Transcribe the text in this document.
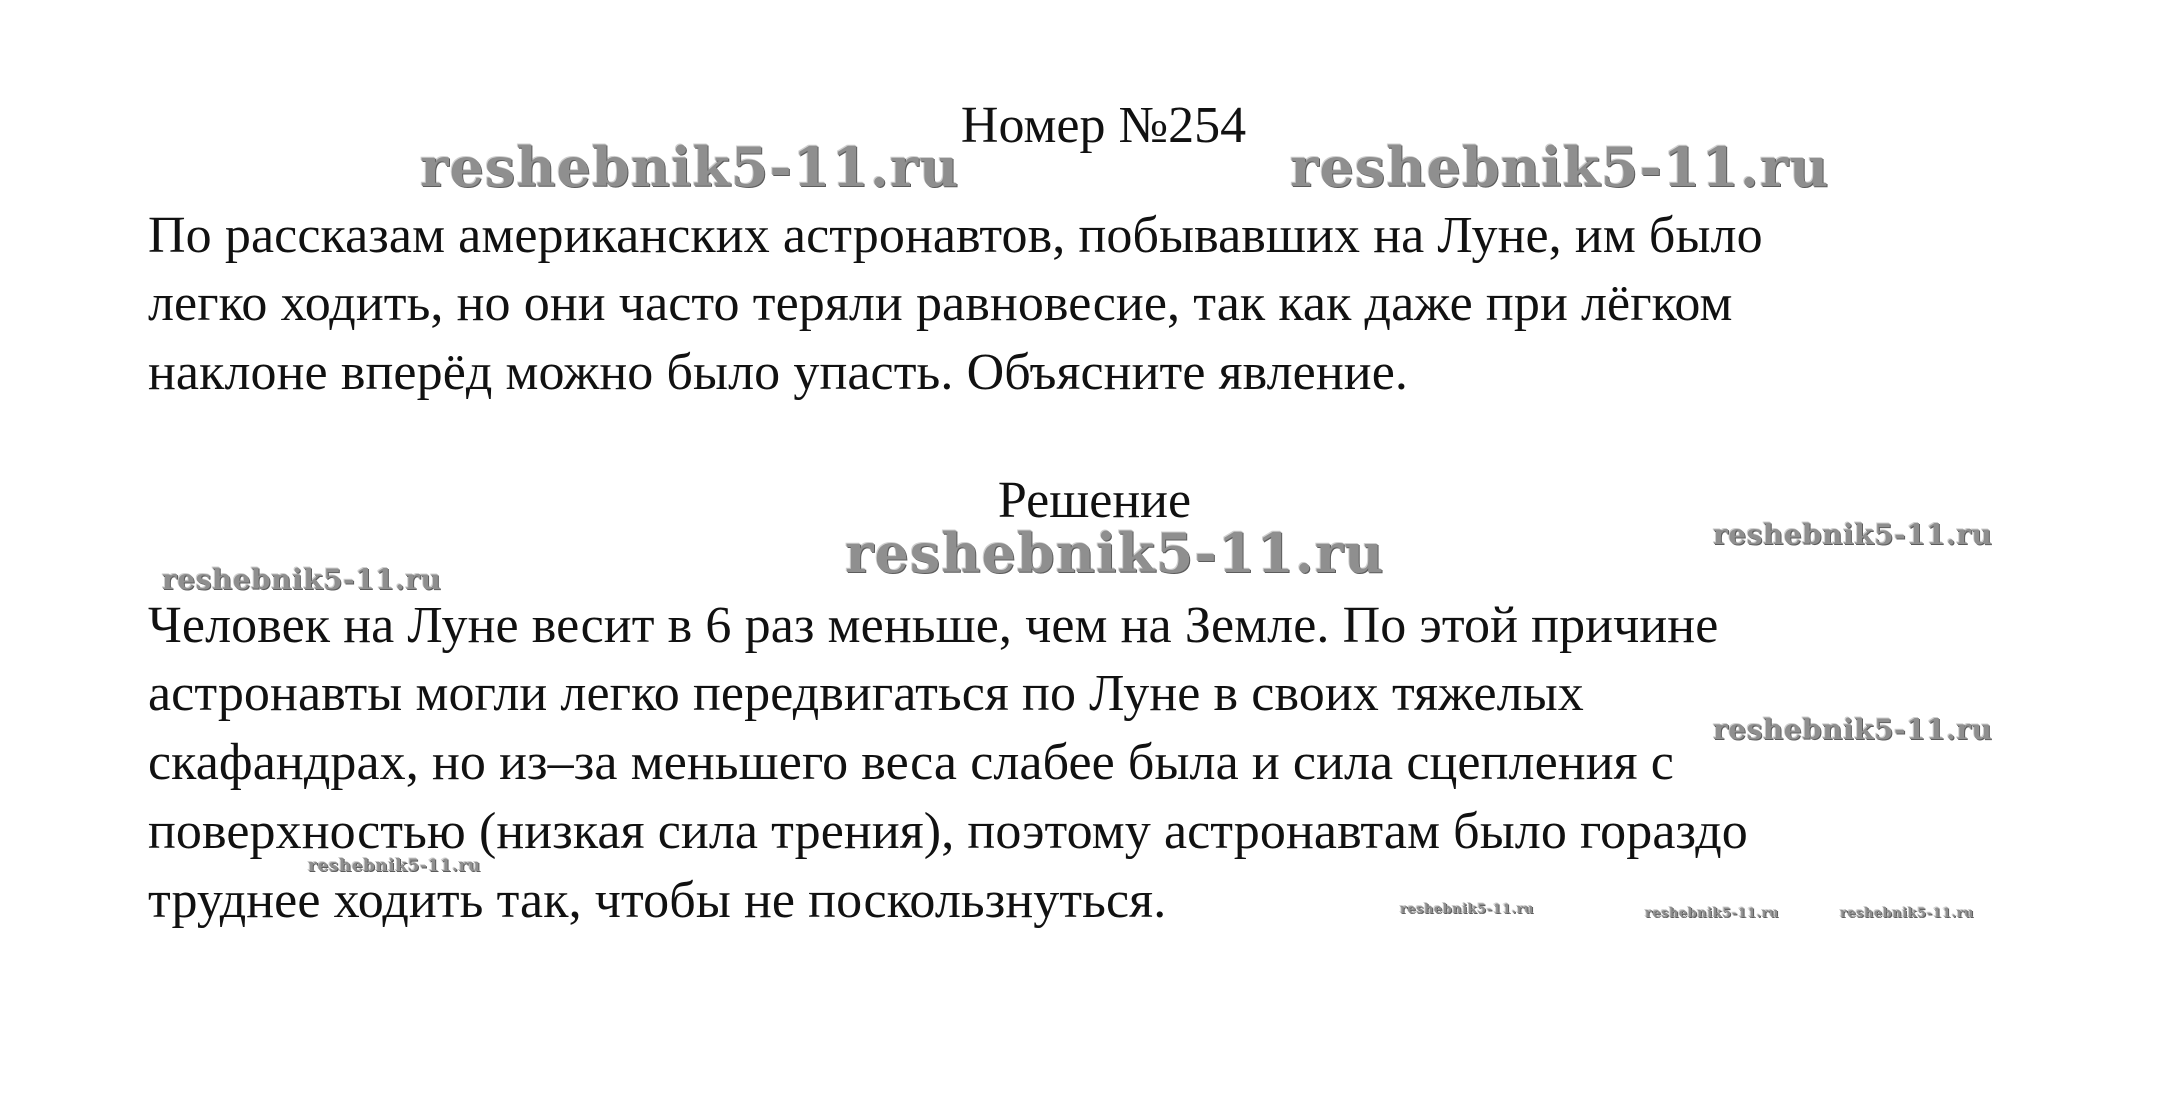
reshebnik5-11.ru	reshebnik5-11.ru
reshebnik5-11.ru	reshebnik5-11.ru
reshebnik5-11.ru
reshebnik5-11.ru
reshebnik5-11.ru
reshebnik5-11.ru	reshebnik5-11.ru	reshebnik5-11.ru
Номер №254
По рассказам американских астронавтов, побывавших на Луне, им было
легко ходить, но они часто теряли равновесие, так как даже при лёгком
наклоне вперёд можно было упасть. Объясните явление.
Решение
Человек на Луне весит в 6 раз меньше, чем на Земле. По этой причине
астронавты могли легко передвигаться по Луне в своих тяжелых
скафандрах, но из–за меньшего веса слабее была и сила сцепления с
поверхностью (низкая сила трения), поэтому астронавтам было гораздо
труднее ходить так, чтобы не поскользнуться.
